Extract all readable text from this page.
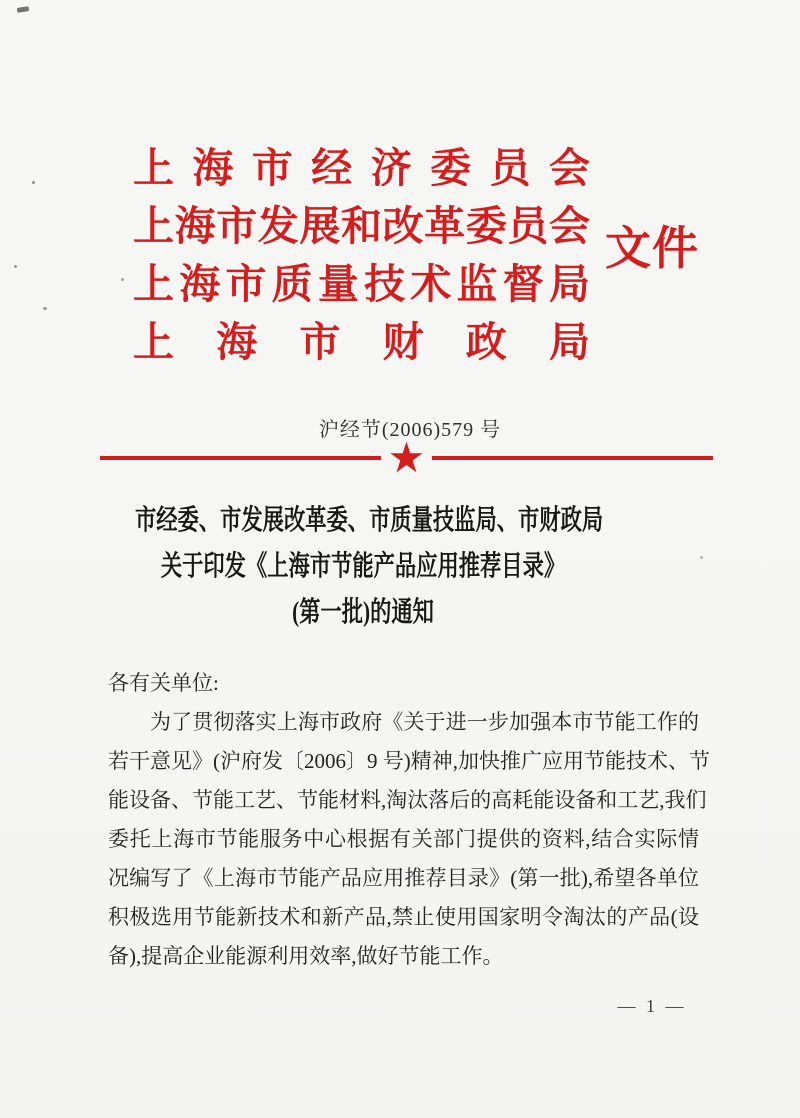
上 海 市 经 济 委 员 会
上 海 市 发 展 和 改 革 委 员 会
上 海 市 质 量 技 术 监 督 局
上 海 市 财 政 局
文件
沪经节(2006)579 号
★
市经委、市发展改革委、市质量技监局、市财政局
关于印发《上海市节能产品应用推荐目录》
(第一批)的通知
各有关单位:
为了贯彻落实上海市政府《关于进一步加强本市节能工作的
若干意见》(沪府发〔2006〕9 号)精神,加快推广应用节能技术、节
能设备、节能工艺、节能材料,淘汰落后的高耗能设备和工艺,我们
委托上海市节能服务中心根据有关部门提供的资料,结合实际情
况编写了《上海市节能产品应用推荐目录》(第一批),希望各单位
积极选用节能新技术和新产品,禁止使用国家明令淘汰的产品(设
备),提高企业能源利用效率,做好节能工作。
— 1 —
